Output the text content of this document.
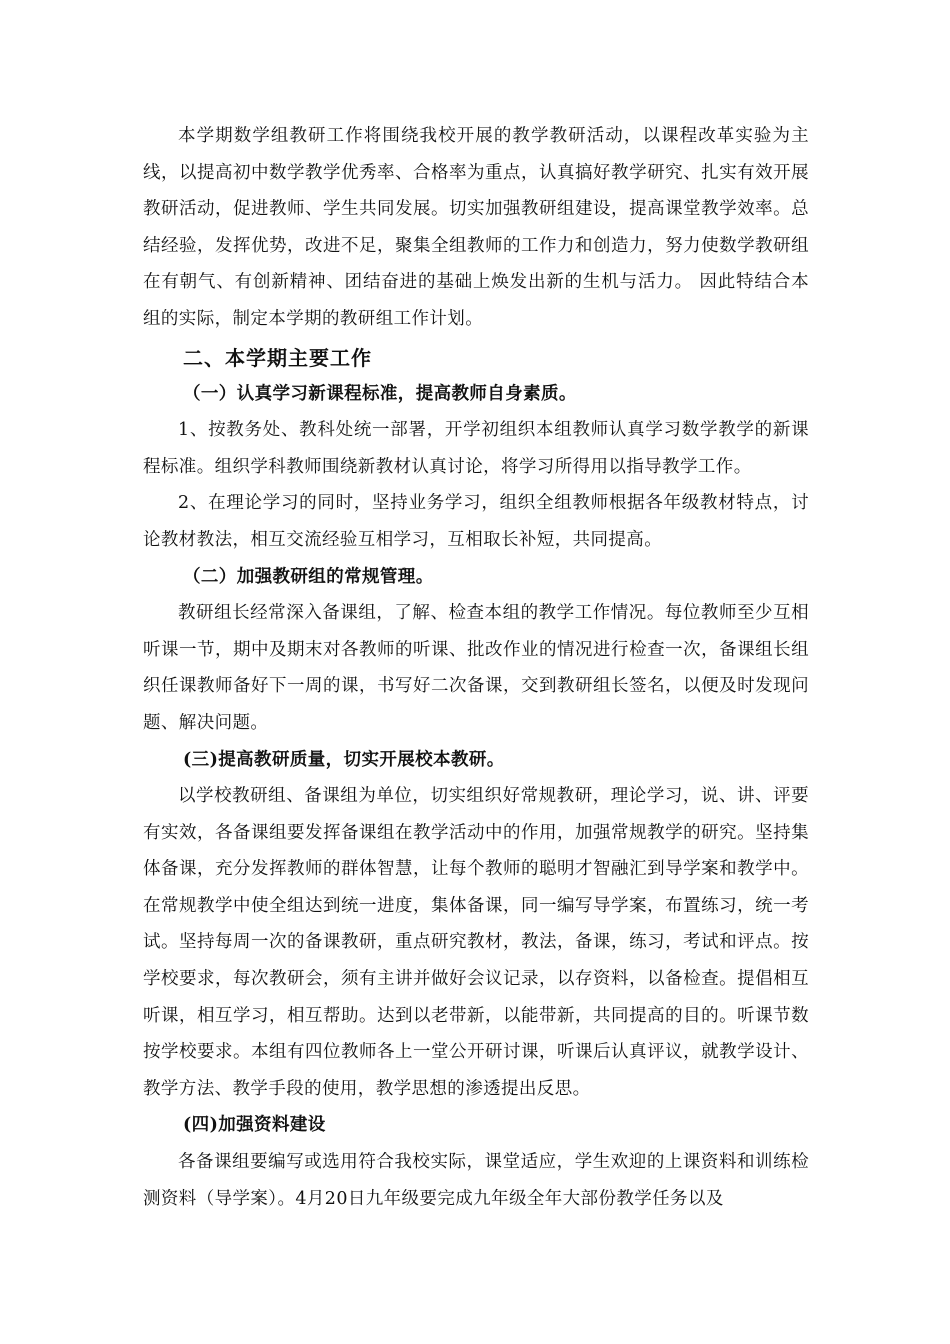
本学期数学组教研工作将围绕我校开展的教学教研活动，以课程改革实验为主线，以提高初中数学教学优秀率、合格率为重点，认真搞好教学研究、扎实有效开展教研活动，促进教师、学生共同发展。切实加强教研组建设，提高课堂教学效率。总结经验，发挥优势，改进不足，聚集全组教师的工作力和创造力，努力使数学教研组在有朝气、有创新精神、团结奋进的基础上焕发出新的生机与活力。 因此特结合本组的实际，制定本学期的教研组工作计划。

二、本学期主要工作
（一）认真学习新课程标准，提高教师自身素质。

1、按教务处、教科处统一部署，开学初组织本组教师认真学习数学教学的新课程标准。组织学科教师围绕新教材认真讨论，将学习所得用以指导教学工作。

2、在理论学习的同时，坚持业务学习，组织全组教师根据各年级教材特点，讨论教材教法，相互交流经验互相学习，互相取长补短，共同提高。

（二）加强教研组的常规管理。

教研组长经常深入备课组，了解、检查本组的教学工作情况。每位教师至少互相听课一节，期中及期末对各教师的听课、批改作业的情况进行检查一次，备课组长组织任课教师备好下一周的课，书写好二次备课，交到教研组长签名，以便及时发现问题、解决问题。

(三)提高教研质量，切实开展校本教研。

以学校教研组、备课组为单位，切实组织好常规教研，理论学习，说、讲、评要有实效，各备课组要发挥备课组在教学活动中的作用，加强常规教学的研究。坚持集体备课，充分发挥教师的群体智慧，让每个教师的聪明才智融汇到导学案和教学中。在常规教学中使全组达到统一进度，集体备课，同一编写导学案，布置练习，统一考试。坚持每周一次的备课教研，重点研究教材，教法，备课，练习，考试和评点。按学校要求，每次教研会，须有主讲并做好会议记录，以存资料，以备检查。提倡相互听课，相互学习，相互帮助。达到以老带新，以能带新，共同提高的目的。听课节数按学校要求。本组有四位教师各上一堂公开研讨课，听课后认真评议，就教学设计、教学方法、教学手段的使用，教学思想的渗透提出反思。

(四)加强资料建设

各备课组要编写或选用符合我校实际，课堂适应，学生欢迎的上课资料和训练检测资料（导学案）。4月20日九年级要完成九年级全年大部份教学任务以及
